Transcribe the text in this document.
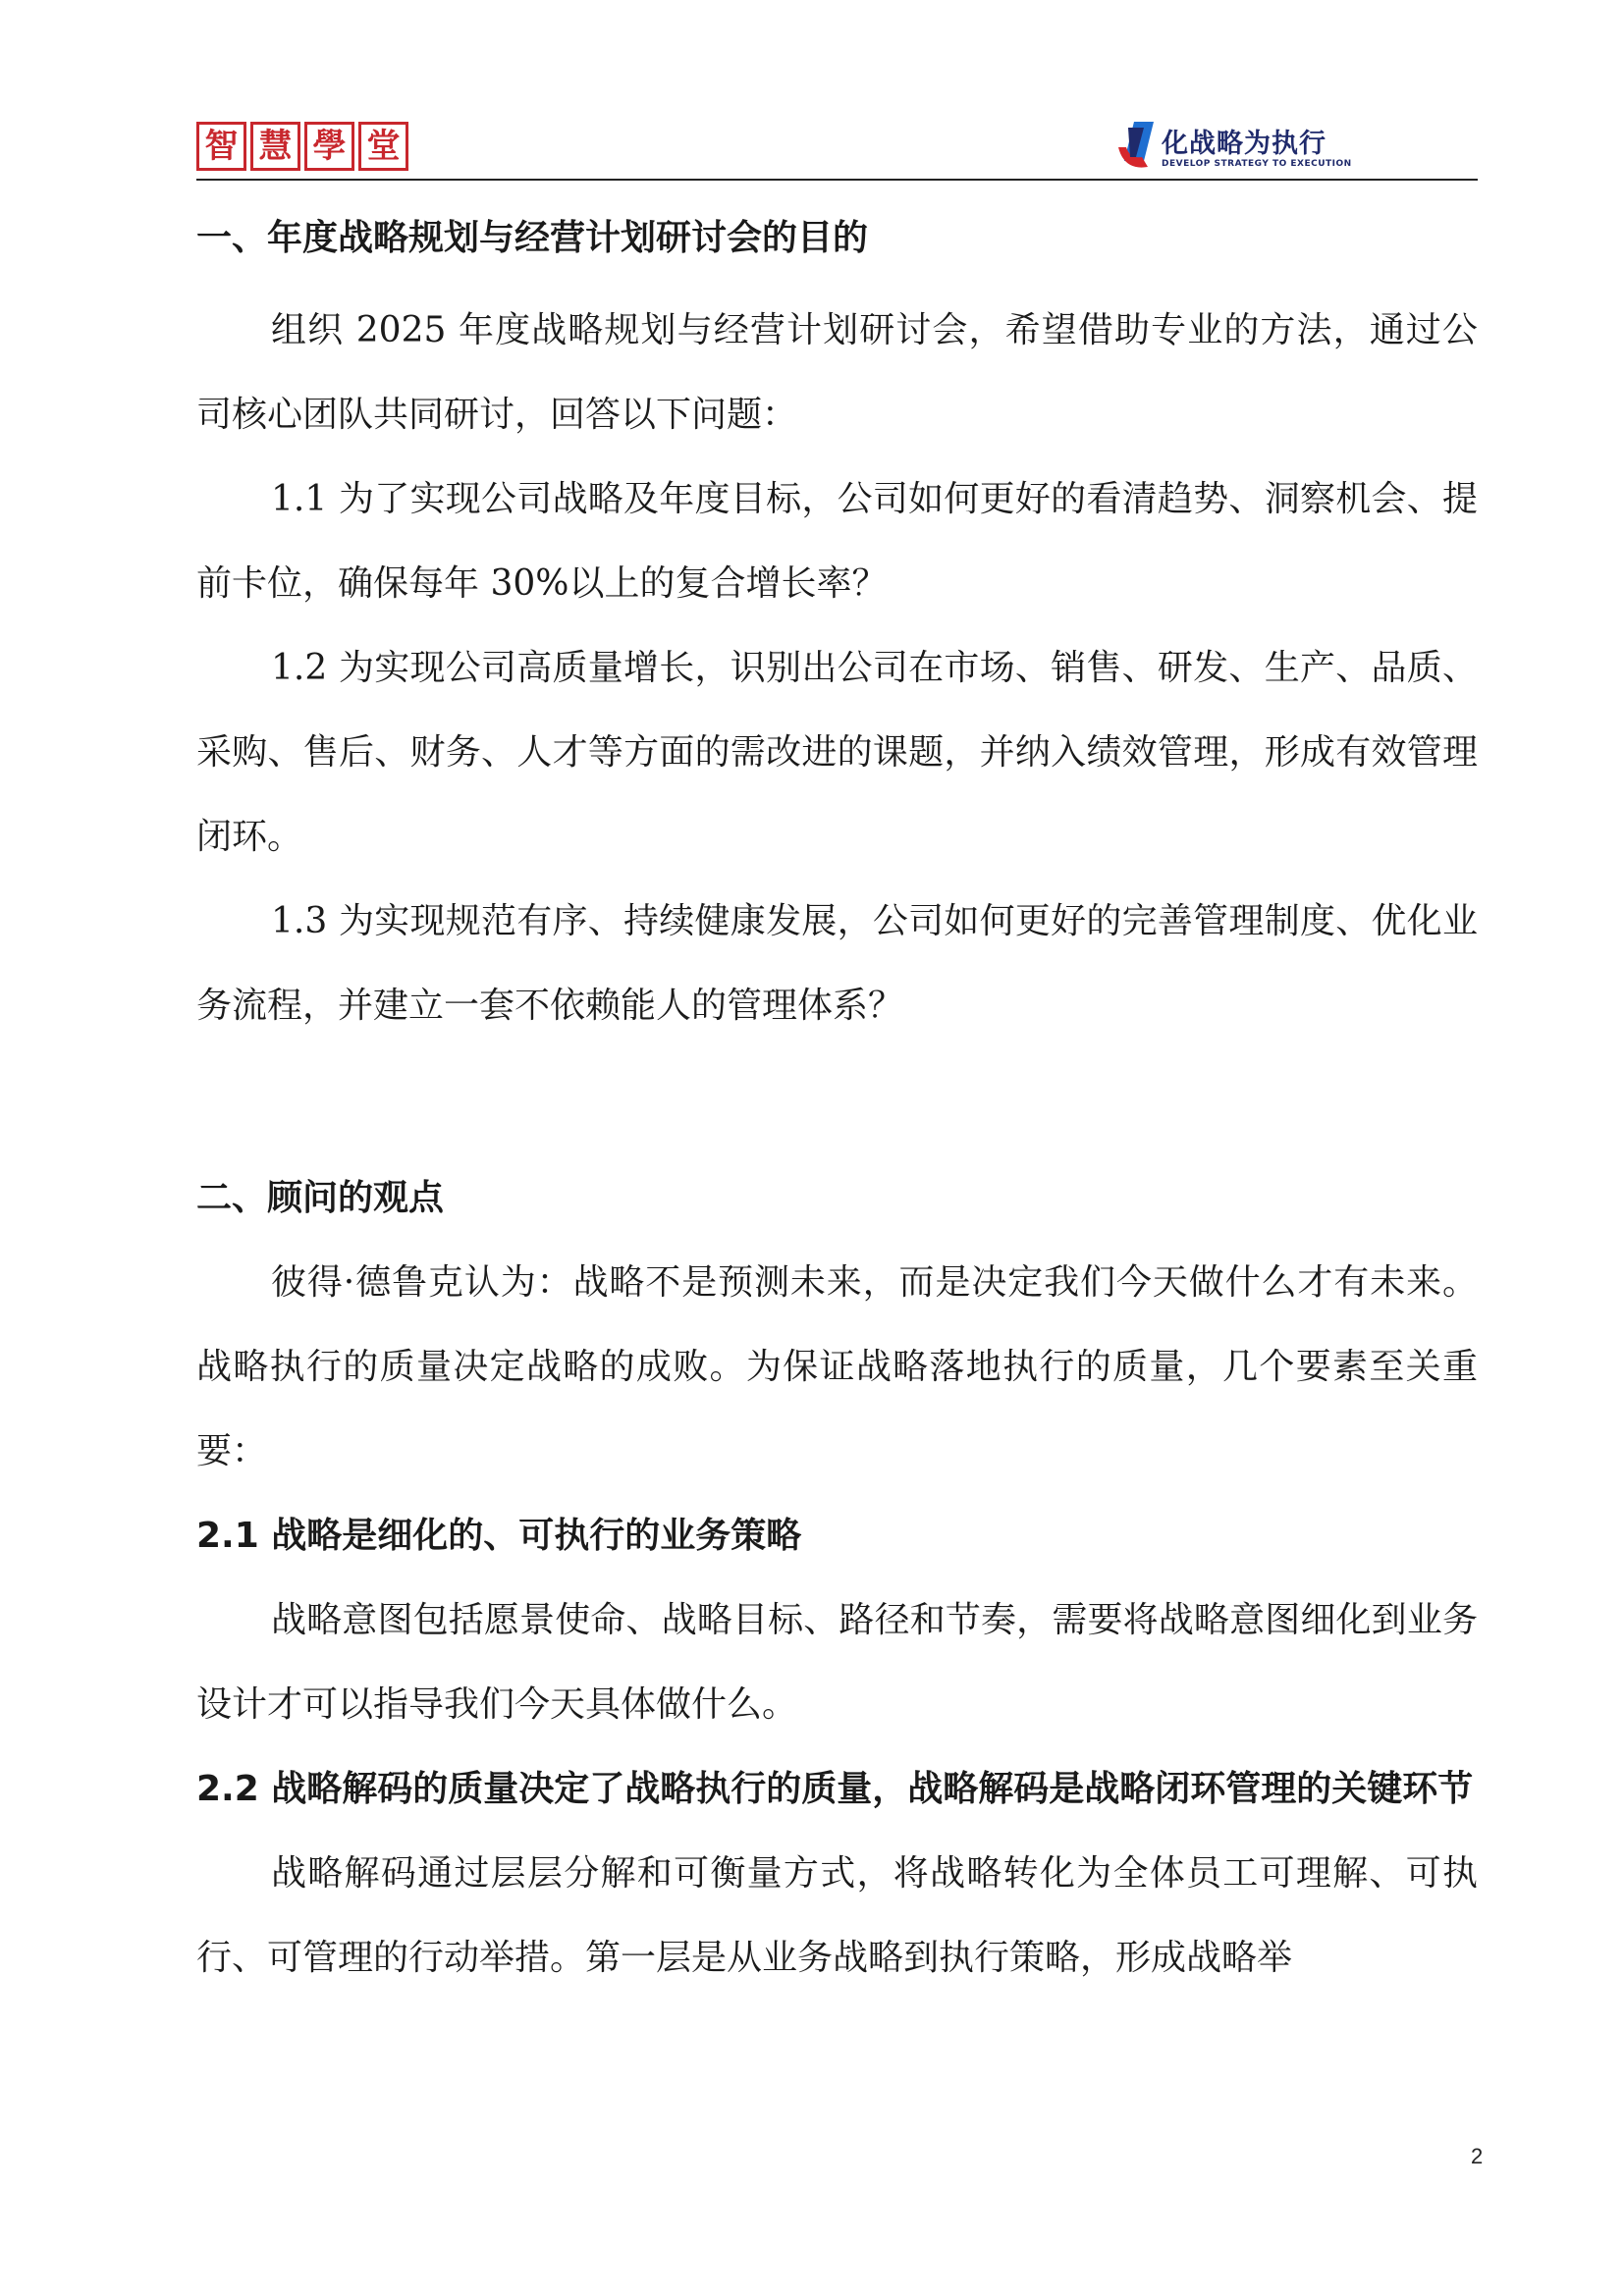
智 慧 學 堂	化战略为执行
DEVELOP STRATEGY TO EXECUTION

一、年度战略规划与经营计划研讨会的目的

组织 2025 年度战略规划与经营计划研讨会，希望借助专业的方法，通过公司核心团队共同研讨，回答以下问题：

1.1 为了实现公司战略及年度目标，公司如何更好的看清趋势、洞察机会、提前卡位，确保每年 30%以上的复合增长率？

1.2 为实现公司高质量增长，识别出公司在市场、销售、研发、生产、品质、采购、售后、财务、人才等方面的需改进的课题，并纳入绩效管理，形成有效管理闭环。

1.3 为实现规范有序、持续健康发展，公司如何更好的完善管理制度、优化业务流程，并建立一套不依赖能人的管理体系？

二、顾问的观点

彼得·德鲁克认为：战略不是预测未来，而是决定我们今天做什么才有未来。战略执行的质量决定战略的成败。为保证战略落地执行的质量，几个要素至关重要：

2.1 战略是细化的、可执行的业务策略

战略意图包括愿景使命、战略目标、路径和节奏，需要将战略意图细化到业务设计才可以指导我们今天具体做什么。

2.2 战略解码的质量决定了战略执行的质量，战略解码是战略闭环管理的关键环节

战略解码通过层层分解和可衡量方式，将战略转化为全体员工可理解、可执行、可管理的行动举措。第一层是从业务战略到执行策略，形成战略举

2
